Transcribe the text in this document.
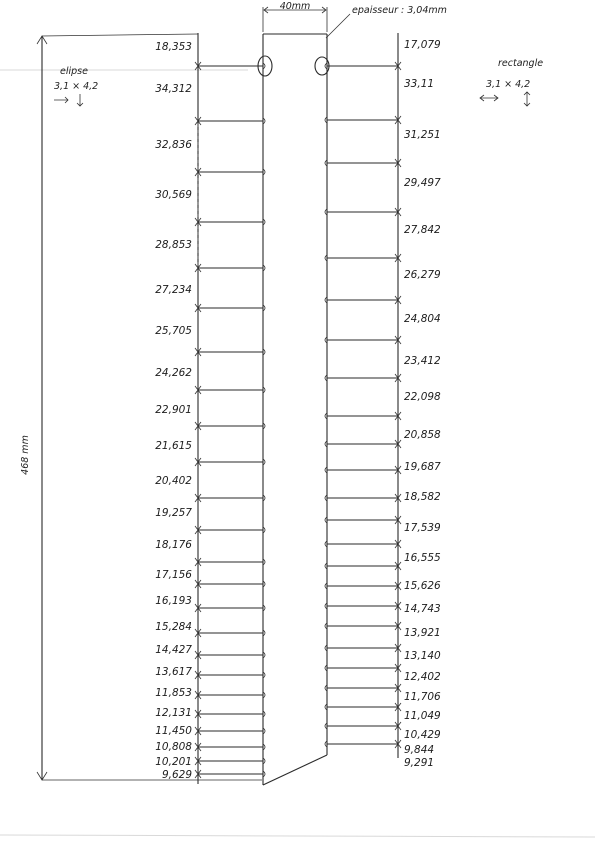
40mm	epaisseur : 3,04mm
468 mm
elipse
3,1 × 4,2
rectangle
3,1 × 4,2
18,353
34,312
32,836
30,569
28,853
27,234
25,705
24,262
22,901
21,615
20,402
19,257
18,176
17,156
16,193
15,284
14,427
13,617
11,853
12,131
11,450
10,808
10,201
9,629
17,079
33,11
31,251
29,497
27,842
26,279
24,804
23,412
22,098
20,858
19,687
18,582
17,539
16,555
15,626
14,743
13,921
13,140
12,402
11,706
11,049
10,429
9,844
9,291
